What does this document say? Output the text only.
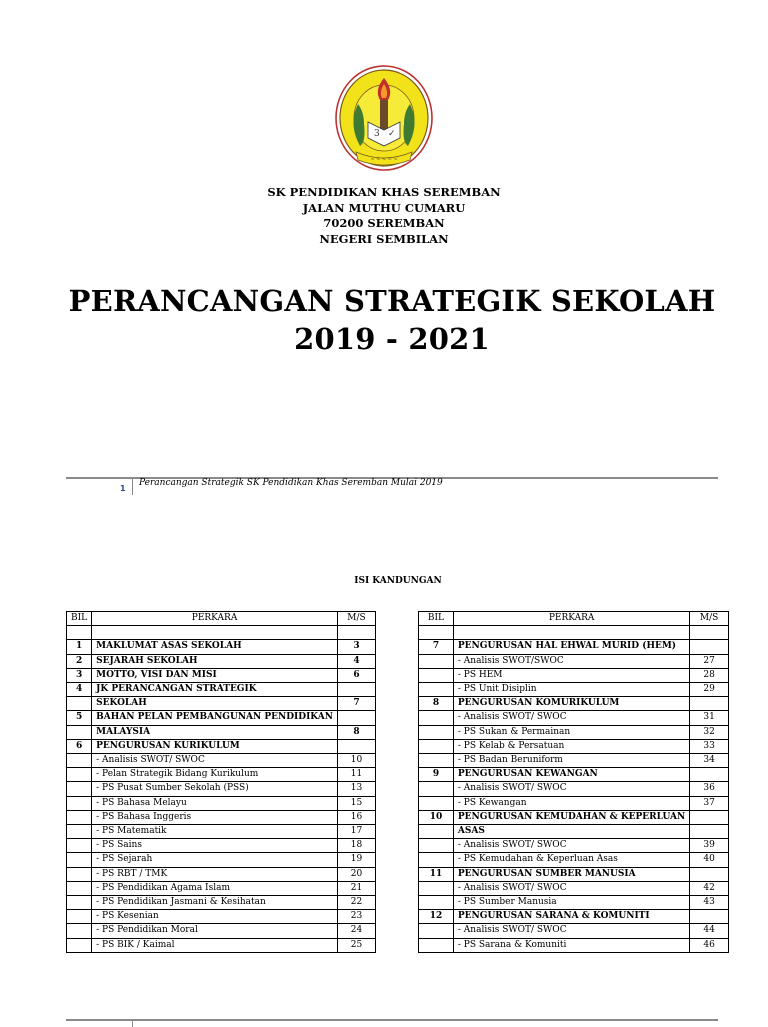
3 ✓
~ ~ ~ ~ ~
SK PENDIDIKAN KHAS SEREMBAN
JALAN MUTHU CUMARU
70200 SEREMBAN
NEGERI SEMBILAN
PERANCANGAN STRATEGIK SEKOLAH
2019 - 2021
1
Perancangan Strategik SK Pendidikan Khas Seremban Mulai 2019
ISI KANDUNGAN
BIL	PERKARA	M/S

1	MAKLUMAT ASAS SEKOLAH	3
2	SEJARAH SEKOLAH	4
3	MOTTO, VISI DAN MISI	6
4	JK PERANCANGAN STRATEGIK	
	SEKOLAH	7
5	BAHAN PELAN PEMBANGUNAN PENDIDIKAN	
	MALAYSIA	8
6	PENGURUSAN KURIKULUM	
	- Analisis SWOT/ SWOC	10
	- Pelan Strategik Bidang Kurikulum	11
	- PS Pusat Sumber Sekolah (PSS)	13
	- PS Bahasa Melayu	15
	- PS Bahasa Inggeris	16
	- PS Matematik	17
	- PS Sains	18
	- PS Sejarah	19
	- PS RBT / TMK	20
	- PS Pendidikan Agama Islam	21
	- PS Pendidikan Jasmani & Kesihatan	22
	- PS Kesenian	23
	- PS Pendidikan Moral	24
	- PS BIK / Kaimal	25
BIL	PERKARA	M/S

7	PENGURUSAN HAL EHWAL MURID (HEM)	
	- Analisis SWOT/SWOC	27
	- PS HEM	28
	- PS Unit Disiplin	29
8	PENGURUSAN KOMURIKULUM	
	- Analisis SWOT/ SWOC	31
	- PS Sukan & Permainan	32
	- PS Kelab & Persatuan	33
	- PS Badan Beruniform	34
9	PENGURUSAN KEWANGAN	
	- Analisis SWOT/ SWOC	36
	- PS Kewangan	37
10	PENGURUSAN KEMUDAHAN & KEPERLUAN	
	ASAS	
	- Analisis SWOT/ SWOC	39
	- PS Kemudahan & Keperluan Asas	40
11	PENGURUSAN SUMBER MANUSIA	
	- Analisis SWOT/ SWOC	42
	- PS Sumber Manusia	43
12	PENGURUSAN SARANA & KOMUNITI	
	- Analisis SWOT/ SWOC	44
	- PS Sarana & Komuniti	46
